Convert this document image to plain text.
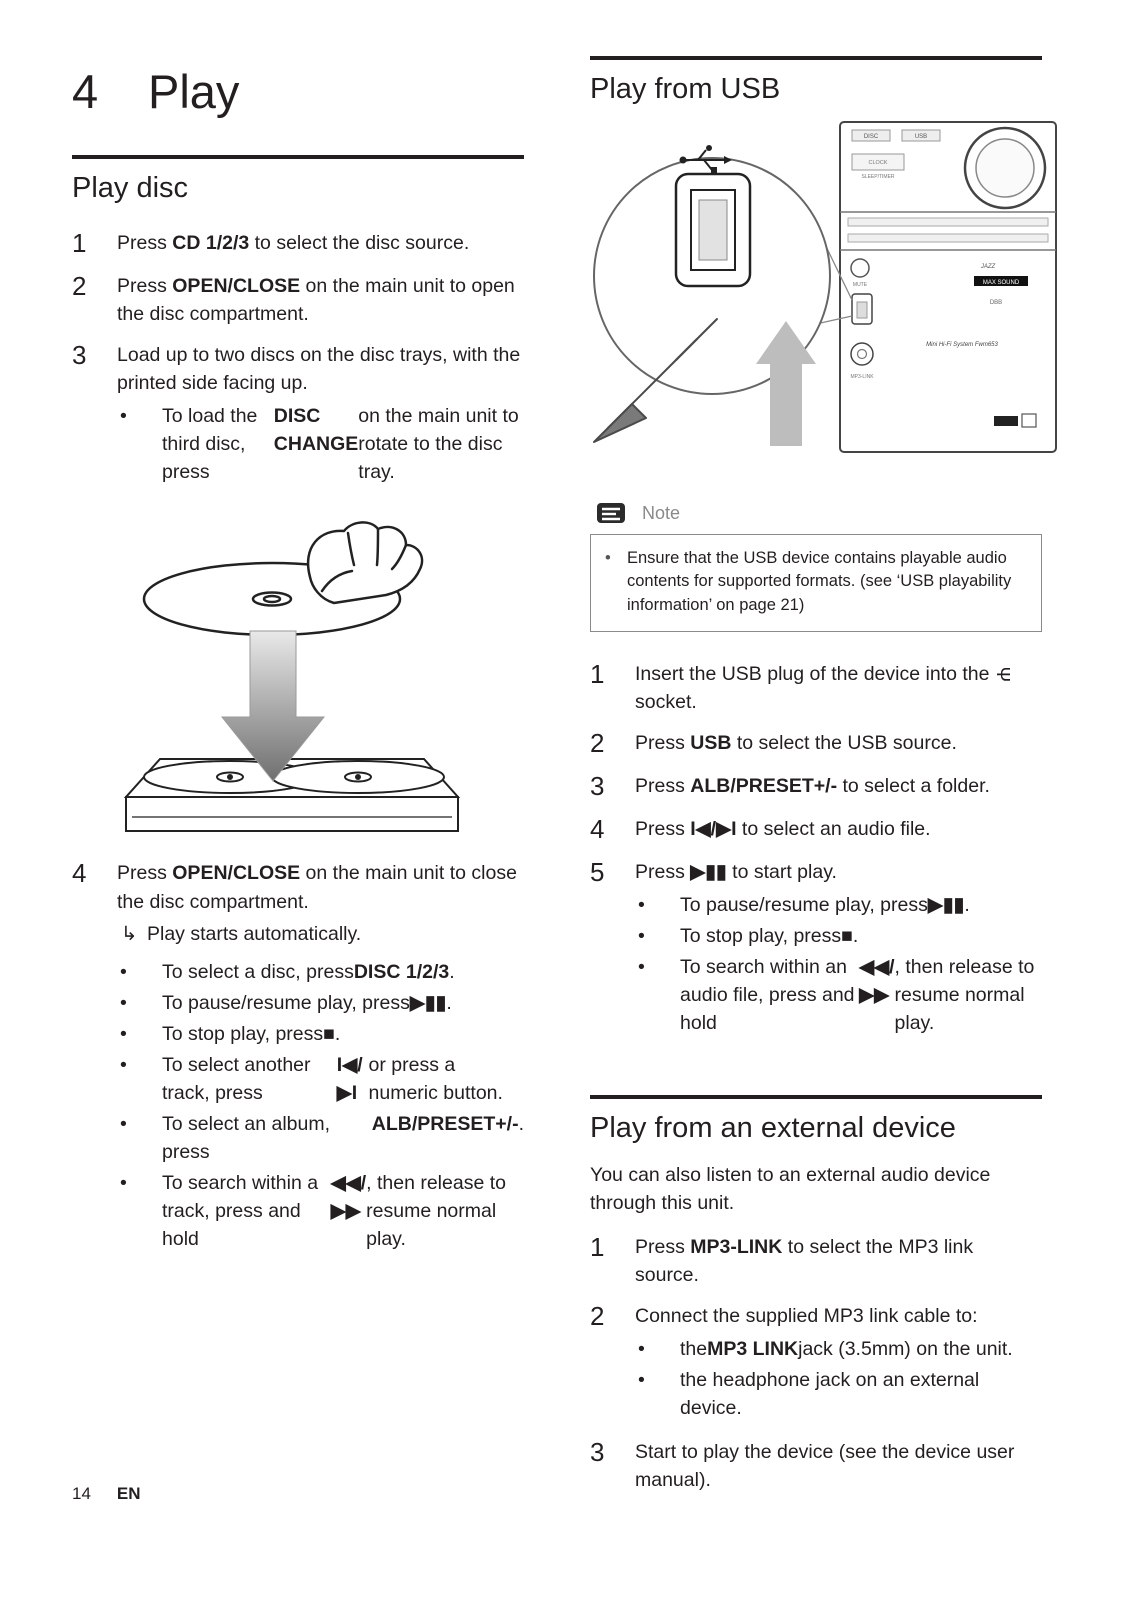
4	Play
Play disc
1	Press CD 1/2/3 to select the disc source.

2	Press OPEN/CLOSE on the main unit to open the disc compartment.

3	Load up to two discs on the disc trays, with the printed side facing up.

• To load the third disc, press
DISC CHANGE
on the main unit to rotate to the disc tray.
4	Press OPEN/CLOSE on the main unit to close the disc compartment.

↳ Play starts automatically.
• To select a disc, press DISC 1/2/3 .
• To pause/resume play, press ▶▮▮ .
• To stop play, press ■ .
• To select another track, press
I◀/▶I
or press a numeric button.
• To select an album, press
ALB/PRESET+/- .
• To search within a track, press and hold
◀◀/▶▶
, then release to resume normal play.
Play from USB
DISC	USB
CLOCK
SLEEP/TIMER
MUTE
JAZZ
MAX SOUND
DBB
MP3-LINK
Mini Hi-Fi System Fwm653
Note
• Ensure that the USB device contains playable audio contents for supported formats. (see ‘USB playability information’ on page 21)
1	Insert the USB plug of the device into the Ψ socket.

2	Press USB to select the USB source.

3	Press ALB/PRESET+/- to select a folder.

4	Press I◀/▶I to select an audio file.

5	Press ▶▮▮ to start play.

• To pause/resume play, press ▶▮▮ .
• To stop play, press ■ .
• To search within an audio file, press and hold
◀◀/▶▶
, then release to resume normal play.
Play from an external device

You can also listen to an external audio device through this unit.

1	Press MP3-LINK to select the MP3 link source.

2	Connect the supplied MP3 link cable to:

• the MP3 LINK jack (3.5mm) on the unit.
• the headphone jack on an external device.
3	Start to play the device (see the device user manual).

14 EN
